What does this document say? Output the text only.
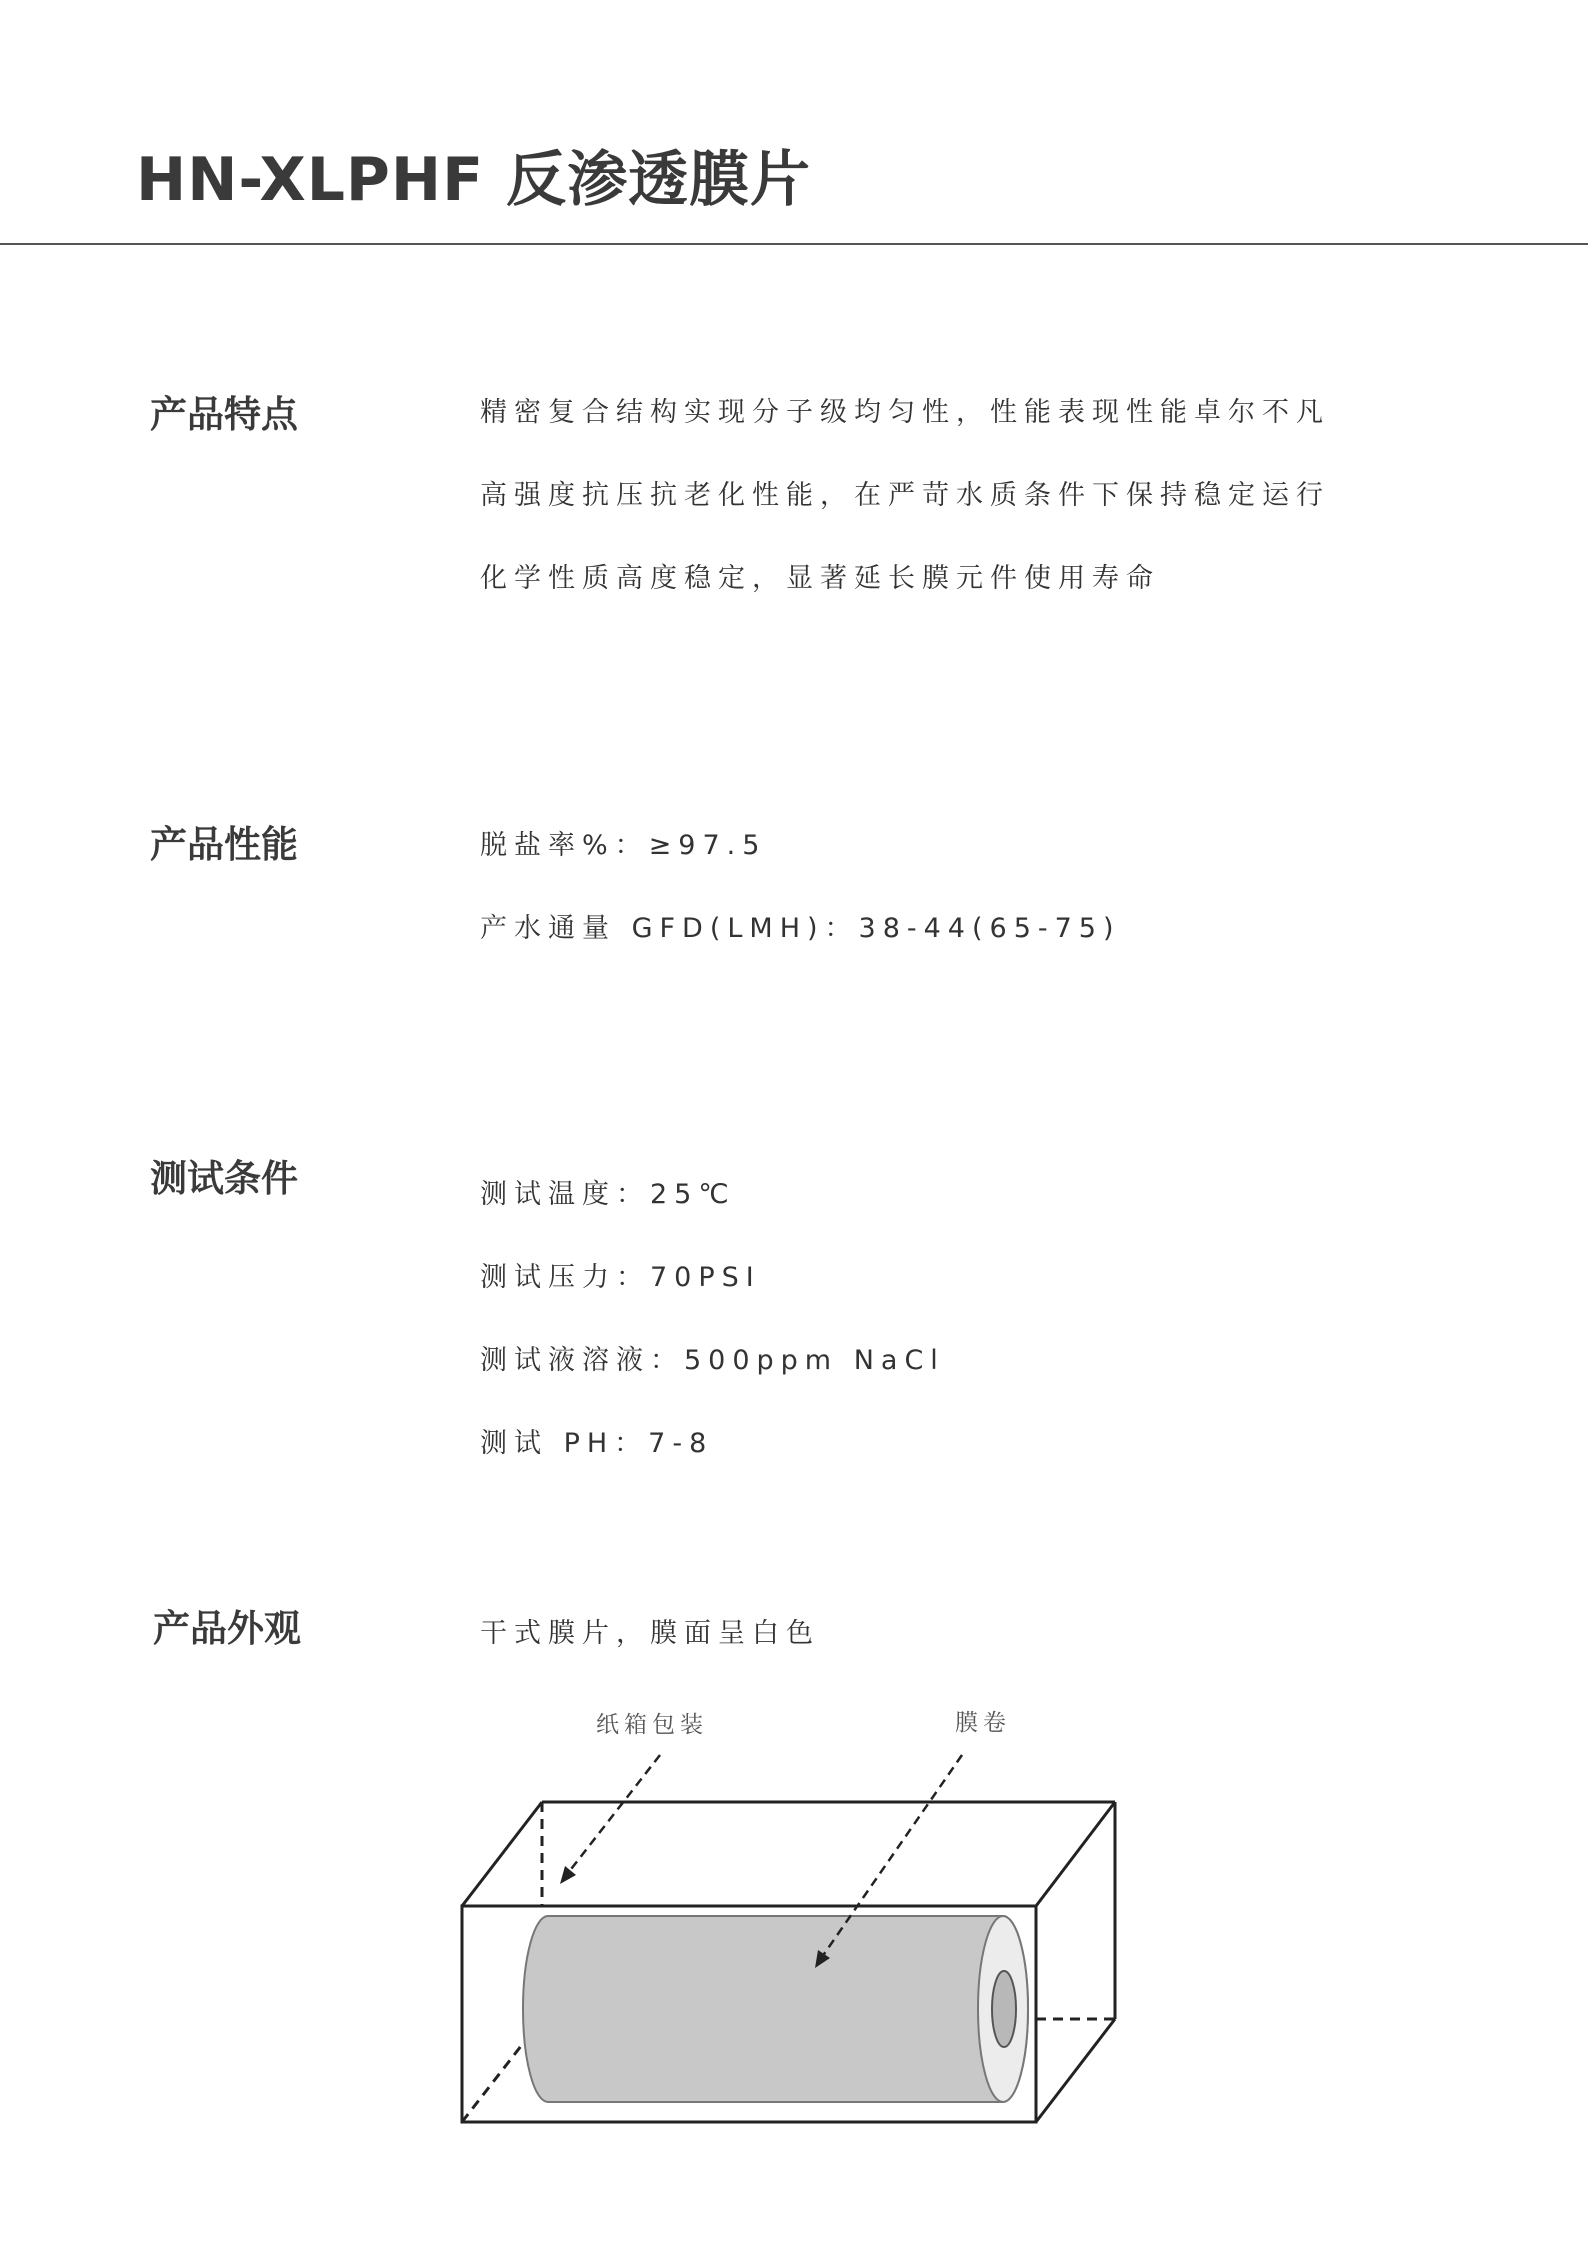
HN-XLPHF 反渗透膜片
产品特点	精密复合结构实现分子级均匀性，性能表现性能卓尔不凡
高强度抗压抗老化性能，在严苛水质条件下保持稳定运行
化学性质高度稳定，显著延长膜元件使用寿命
产品性能	脱盐率%：≥97.5
产水通量 GFD(LMH)：38-44(65-75)
测试条件	测试温度：25℃
测试压力：70PSI
测试液溶液：500ppm NaCl
测试 PH：7-8
产品外观	干式膜片，膜面呈白色
纸箱包装	膜卷
